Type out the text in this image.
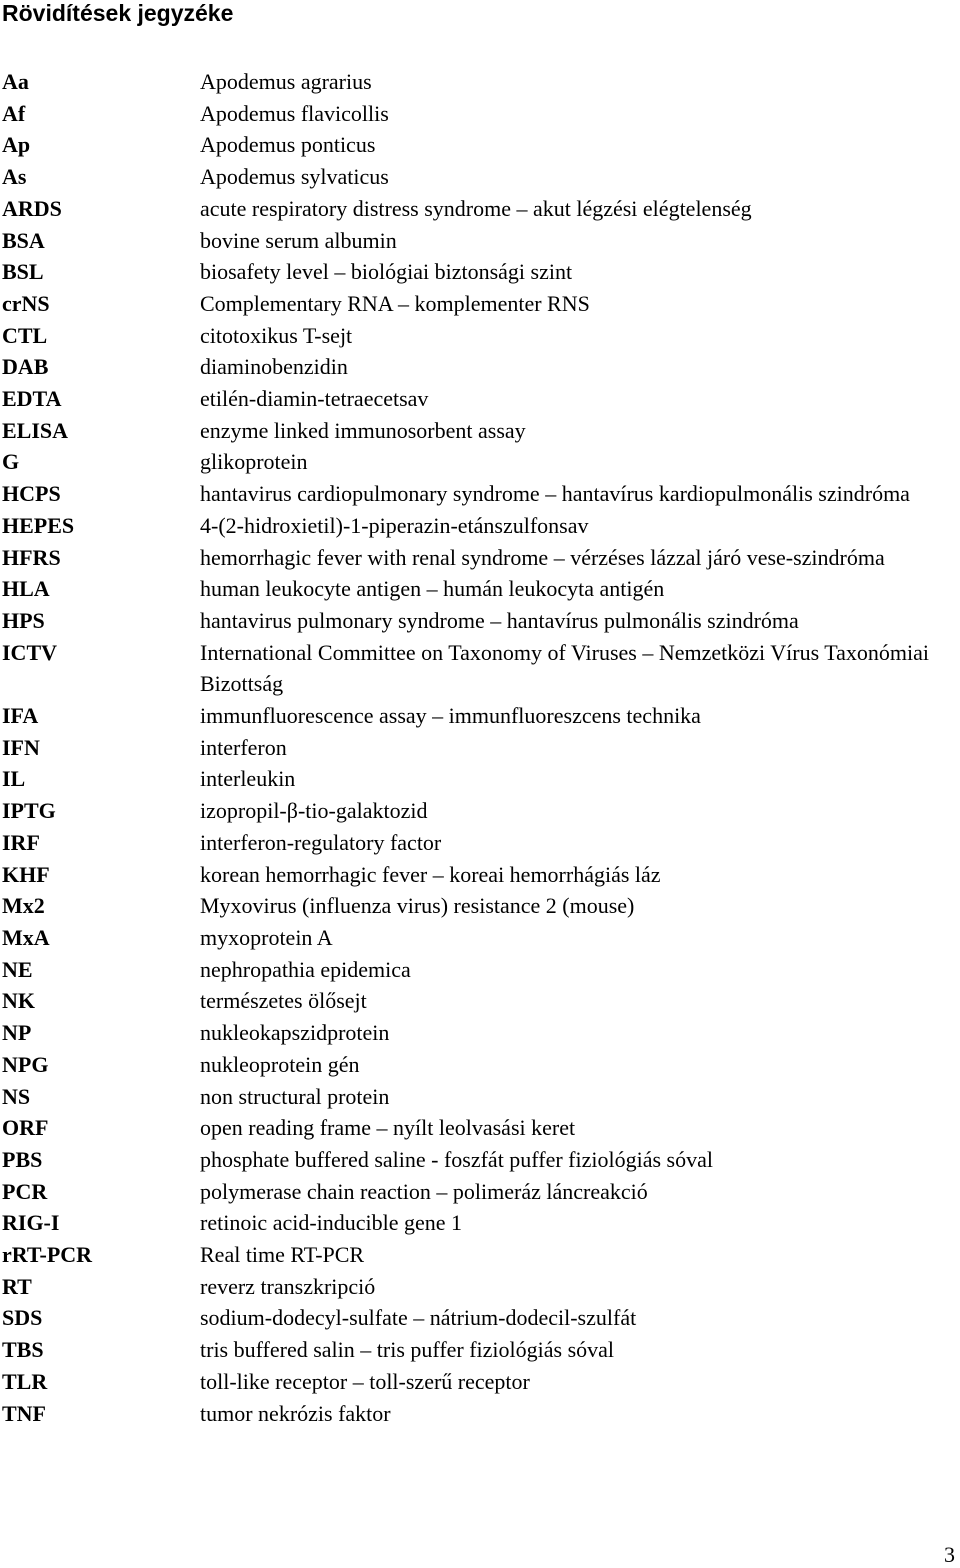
Rövidítések jegyzéke
Aa	Apodemus agrarius
Af	Apodemus flavicollis
Ap	Apodemus ponticus
As	Apodemus sylvaticus
ARDS	acute respiratory distress syndrome – akut légzési elégtelenség
BSA	bovine serum albumin
BSL	biosafety level – biológiai biztonsági szint
crNS	Complementary RNA – komplementer RNS
CTL	citotoxikus T-sejt
DAB	diaminobenzidin
EDTA	etilén-diamin-tetraecetsav
ELISA	enzyme linked immunosorbent assay
G	glikoprotein
HCPS	hantavirus cardiopulmonary syndrome – hantavírus kardiopulmonális szindróma
HEPES	4-(2-hidroxietil)-1-piperazin-etánszulfonsav
HFRS	hemorrhagic fever with renal syndrome – vérzéses lázzal járó vese-szindróma
HLA	human leukocyte antigen – humán leukocyta antigén
HPS	hantavirus pulmonary syndrome – hantavírus pulmonális szindróma
ICTV	International Committee on Taxonomy of Viruses – Nemzetközi Vírus Taxonómiai Bizottság
IFA	immunfluorescence assay – immunfluoreszcens technika
IFN	interferon
IL	interleukin
IPTG	izopropil-β-tio-galaktozid
IRF	interferon-regulatory factor
KHF	korean hemorrhagic fever – koreai hemorrhágiás láz
Mx2	Myxovirus (influenza virus) resistance 2 (mouse)
MxA	myxoprotein A
NE	nephropathia epidemica
NK	természetes ölősejt
NP	nukleokapszidprotein
NPG	nukleoprotein gén
NS	non structural protein
ORF	open reading frame – nyílt leolvasási keret
PBS	phosphate buffered saline - foszfát puffer fiziológiás sóval
PCR	polymerase chain reaction – polimeráz láncreakció
RIG-I	retinoic acid-inducible gene 1
rRT-PCR	Real time RT-PCR
RT	reverz transzkripció
SDS	sodium-dodecyl-sulfate – nátrium-dodecil-szulfát
TBS	tris buffered salin – tris puffer fiziológiás sóval
TLR	toll-like receptor – toll-szerű receptor
TNF	tumor nekrózis faktor
3
